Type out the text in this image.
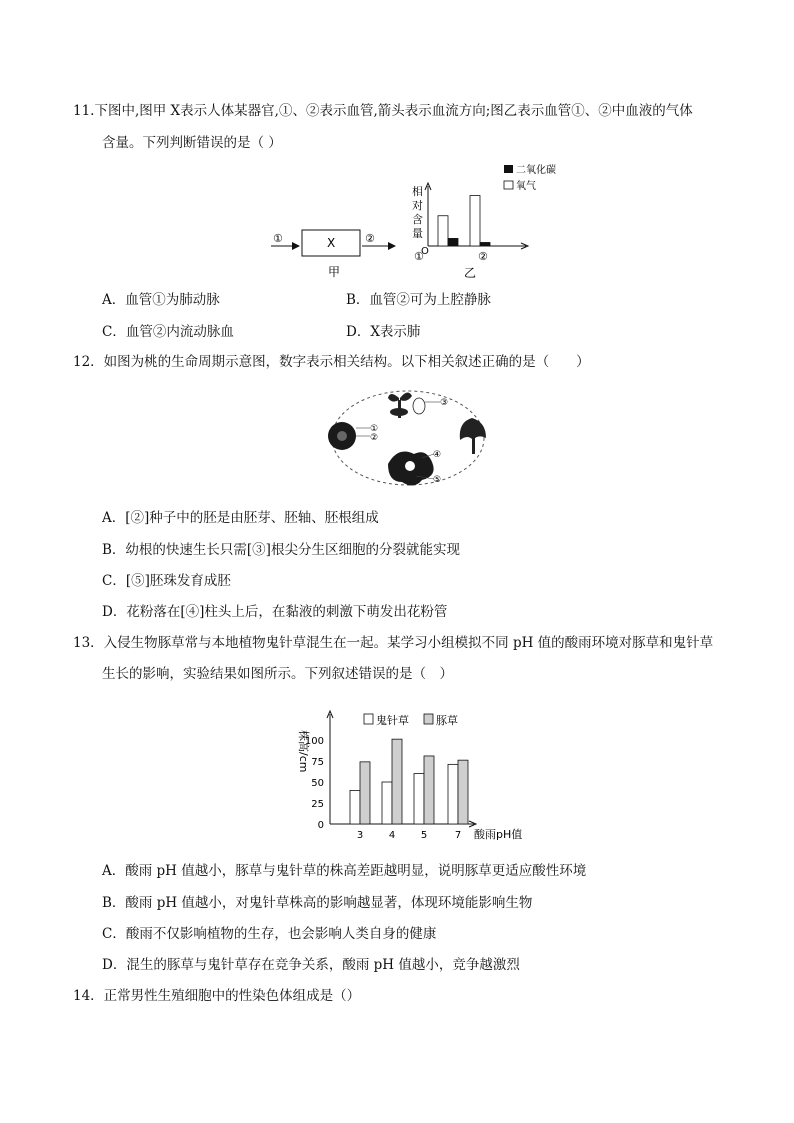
11.下图中,图甲 X表示人体某器官,①、②表示血管,箭头表示血流方向;图乙表示血管①、②中血液的气体
含量。下列判断错误的是（ ）
①	X	②
甲
相
对
含
量
O
①	②
乙
二氧化碳
氧气
A．血管①为肺动脉	B．血管②可为上腔静脉
C．血管②内流动脉血	D．X表示肺
12．如图为桃的生命周期示意图，数字表示相关结构。以下相关叙述正确的是（　　）
①
②
③
④
⑤
A．[②]种子中的胚是由胚芽、胚轴、胚根组成
B．幼根的快速生长只需[③]根尖分生区细胞的分裂就能实现
C．[⑤]胚珠发育成胚
D．花粉落在[④]柱头上后，在黏液的刺激下萌发出花粉管
13．入侵生物豚草常与本地植物鬼针草混生在一起。某学习小组模拟不同 pH 值的酸雨环境对豚草和鬼针草
生长的影响，实验结果如图所示。下列叙述错误的是（　）
株高/cm
0
25
50
75
100
3	4	5	7 酸雨pH值
鬼针草 豚草
A．酸雨 pH 值越小，豚草与鬼针草的株高差距越明显，说明豚草更适应酸性环境
B．酸雨 pH 值越小，对鬼针草株高的影响越显著，体现环境能影响生物
C．酸雨不仅影响植物的生存，也会影响人类自身的健康
D．混生的豚草与鬼针草存在竞争关系，酸雨 pH 值越小，竞争越激烈
14．正常男性生殖细胞中的性染色体组成是（）
